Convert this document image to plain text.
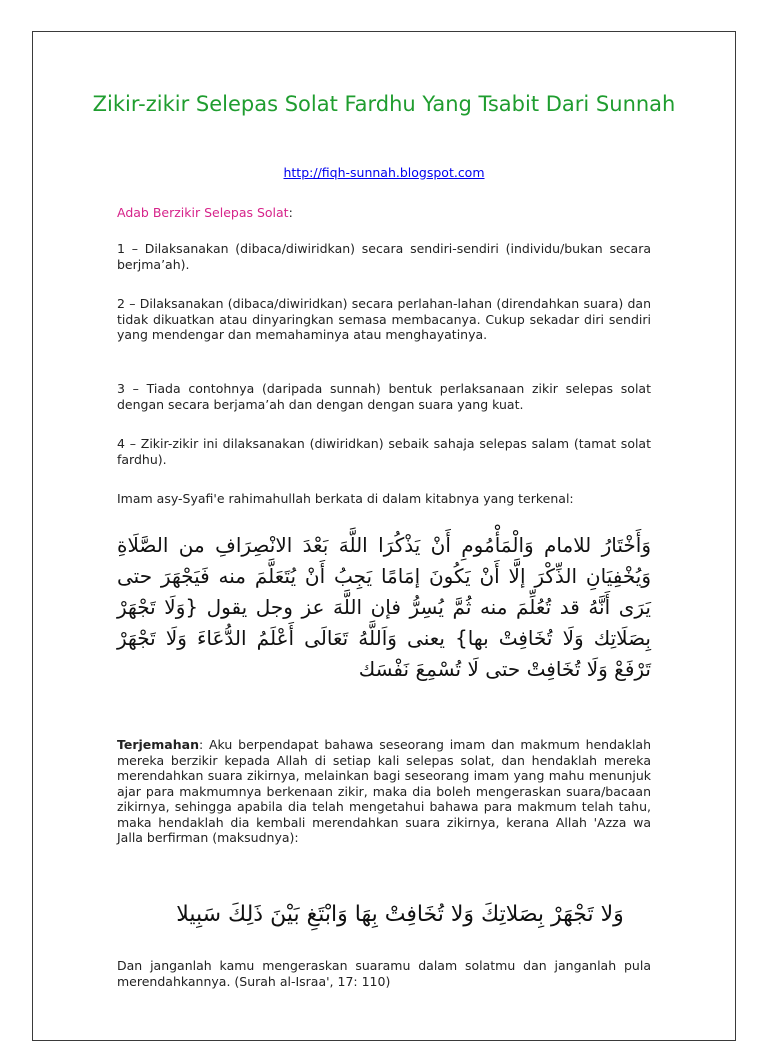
Zikir-zikir Selepas Solat Fardhu Yang Tsabit Dari Sunnah
http://fiqh-sunnah.blogspot.com
Adab Berzikir Selepas Solat:

1 – Dilaksanakan (dibaca/diwiridkan) secara sendiri-sendiri (individu/bukan secara berjma’ah).

2 – Dilaksanakan (dibaca/diwiridkan) secara perlahan-lahan (direndahkan suara) dan tidak dikuatkan atau dinyaringkan semasa membacanya. Cukup sekadar diri sendiri yang mendengar dan memahaminya atau menghayatinya.

3 – Tiada contohnya (daripada sunnah) bentuk perlaksanaan zikir selepas solat dengan secara berjama’ah dan dengan dengan suara yang kuat.

4 – Zikir-zikir ini dilaksanakan (diwiridkan) sebaik sahaja selepas salam (tamat solat fardhu).

Imam asy-Syafi'e rahimahullah berkata di dalam kitabnya yang terkenal:

وَأَخْتَارُ للامام وَالْمَأْمُومِ أَنْ يَذْكُرَا اللَّهَ بَعْدَ الانْصِرَافِ من الصَّلَاةِ وَيُخْفِيَانِ الذِّكْرَ إلَّا أَنْ يَكُونَ إمَامًا يَجِبُ أَنْ يُتَعَلَّمَ منه فَيَجْهَرَ حتى يَرَى أَنَّهُ قد تُعُلِّمَ منه ثُمَّ يُسِرُّ فإن اللَّهَ عز وجل يقول {وَلَا تَجْهَرْ بِصَلَاتِك وَلَا تُخَافِتْ بها} يعنى وَاَللَّهُ تَعَالَى أَعْلَمُ الدُّعَاءَ وَلَا تَجْهَرْ تَرْفَعْ وَلَا تُخَافِتْ حتى لَا تُسْمِعَ نَفْسَك

Terjemahan: Aku berpendapat bahawa seseorang imam dan makmum hendaklah mereka berzikir kepada Allah di setiap kali selepas solat, dan hendaklah mereka merendahkan suara zikirnya, melainkan bagi seseorang imam yang mahu menunjuk ajar para makmumnya berkenaan zikir, maka dia boleh mengeraskan suara/bacaan zikirnya, sehingga apabila dia telah mengetahui bahawa para makmum telah tahu, maka hendaklah dia kembali merendahkan suara zikirnya, kerana Allah 'Azza wa Jalla berfirman (maksudnya):

وَلا تَجْهَرْ بِصَلاتِكَ وَلا تُخَافِتْ بِهَا وَابْتَغِ بَيْنَ ذَلِكَ سَبِيلا

Dan janganlah kamu mengeraskan suaramu dalam solatmu dan janganlah pula merendahkannya. (Surah al-Israa', 17: 110)
